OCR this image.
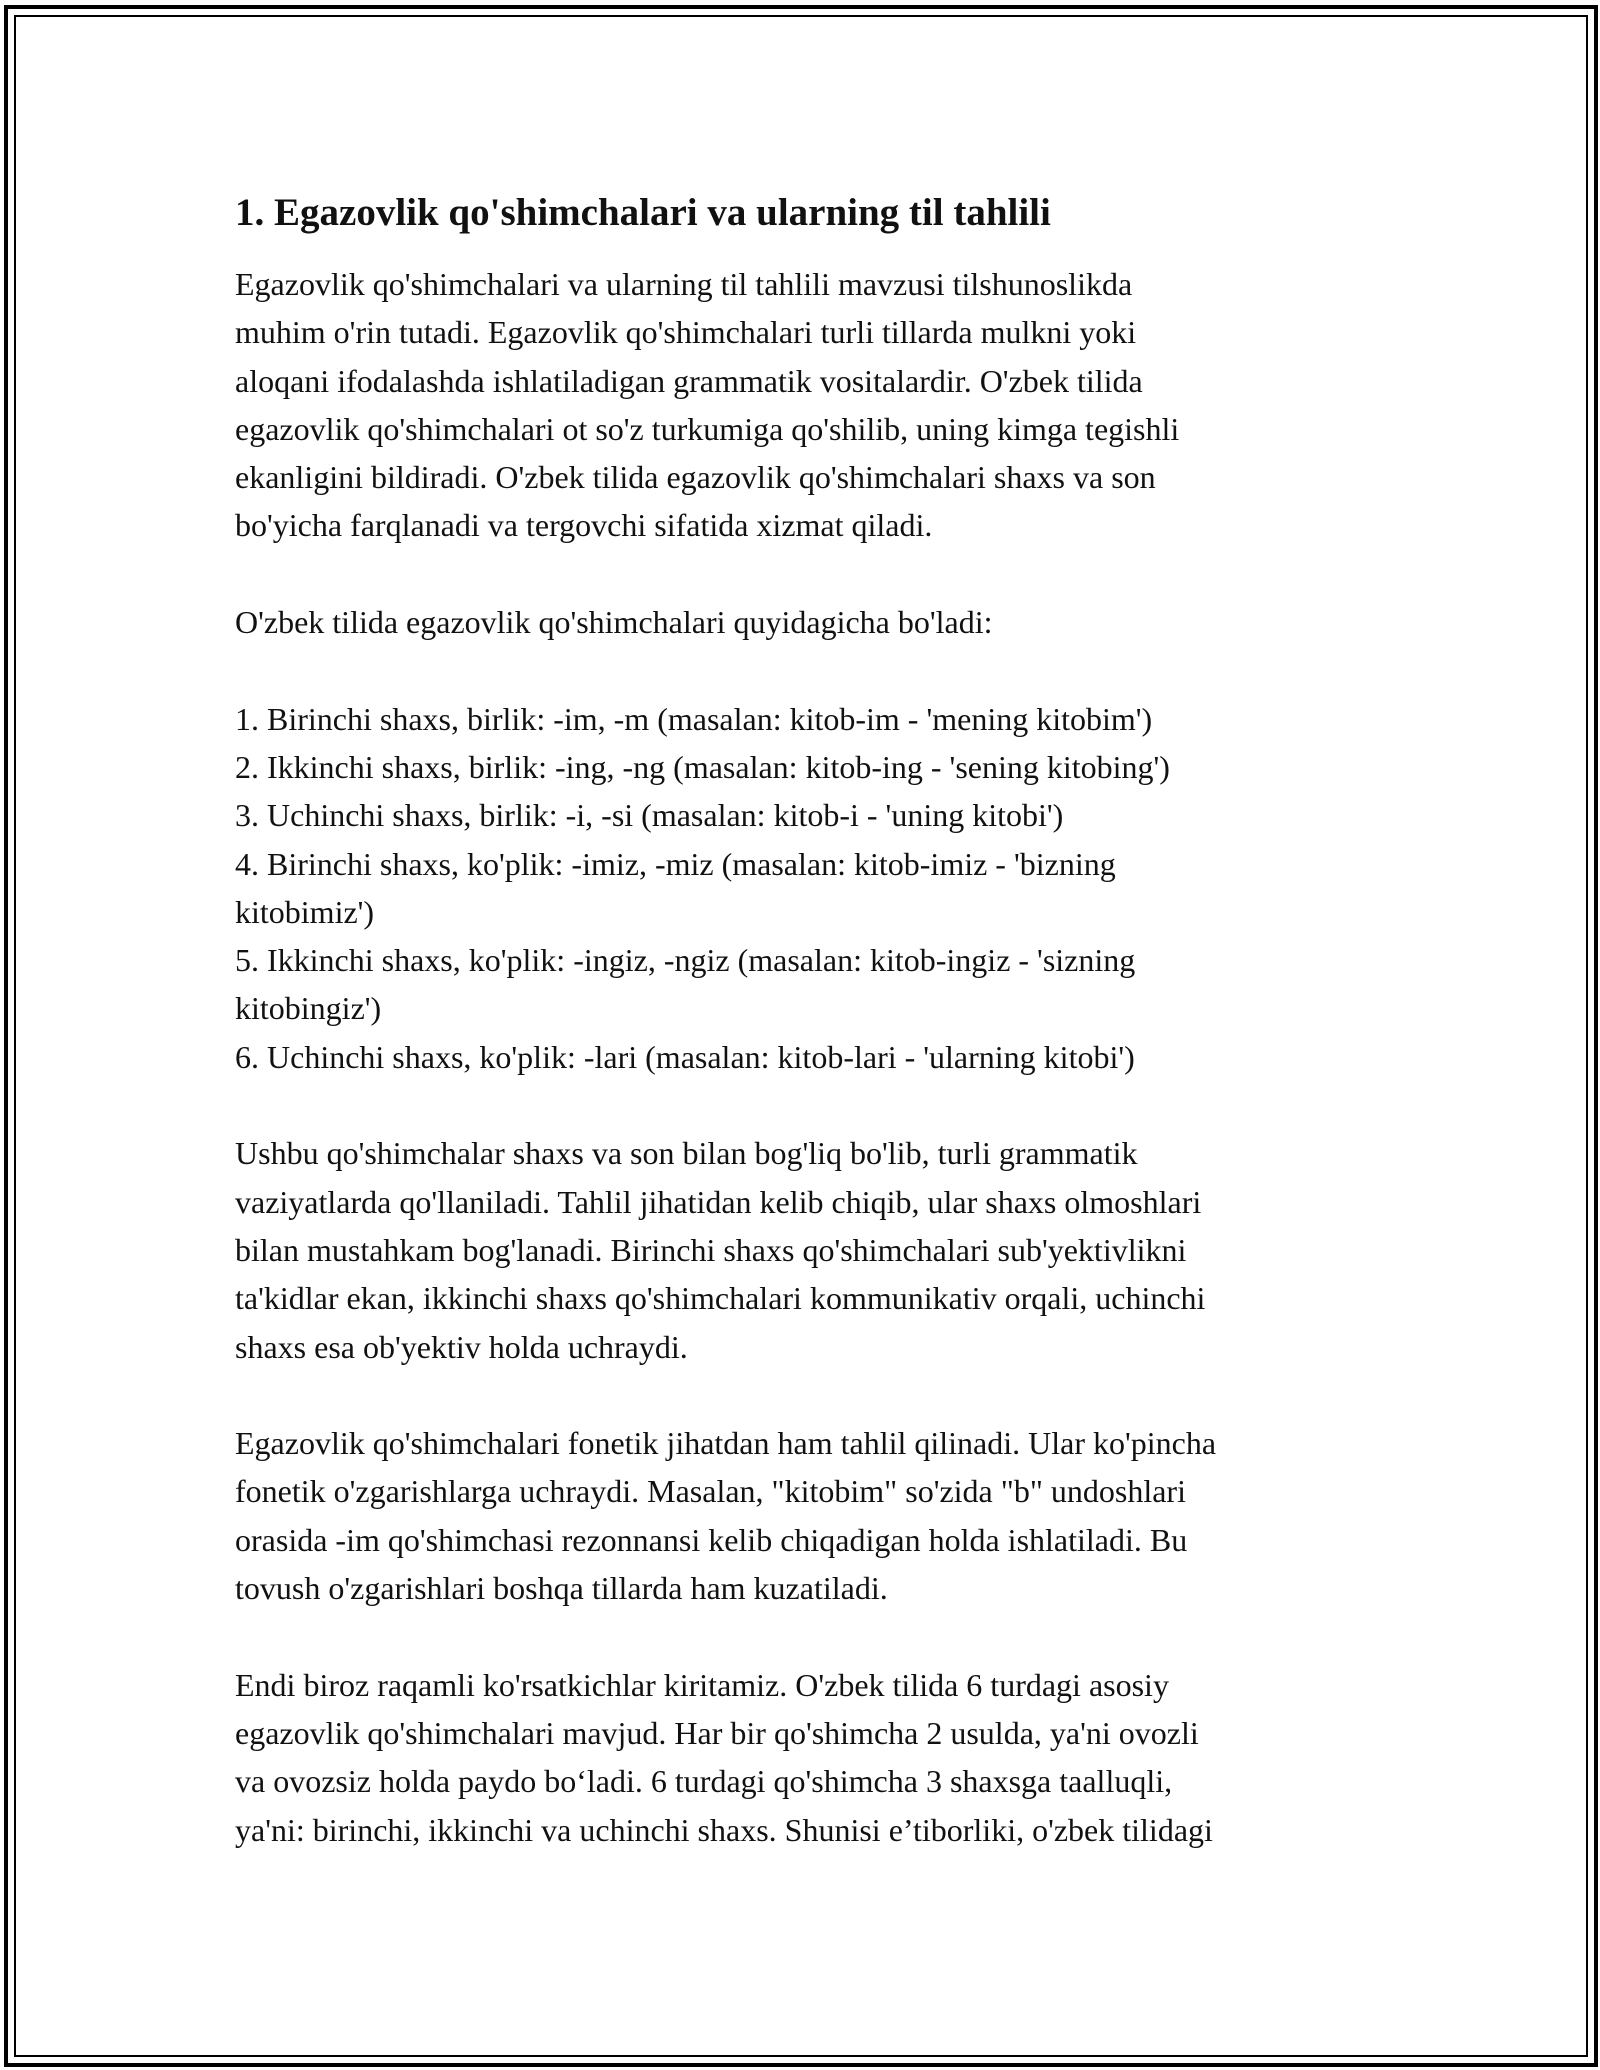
1. Egazovlik qo'shimchalari va ularning til tahlili

Egazovlik qo'shimchalari va ularning til tahlili mavzusi tilshunoslikda

muhim o'rin tutadi. Egazovlik qo'shimchalari turli tillarda mulkni yoki

aloqani ifodalashda ishlatiladigan grammatik vositalardir. O'zbek tilida

egazovlik qo'shimchalari ot so'z turkumiga qo'shilib, uning kimga tegishli

ekanligini bildiradi. O'zbek tilida egazovlik qo'shimchalari shaxs va son

bo'yicha farqlanadi va tergovchi sifatida xizmat qiladi.

O'zbek tilida egazovlik qo'shimchalari quyidagicha bo'ladi:

1. Birinchi shaxs, birlik: -im, -m (masalan: kitob-im - 'mening kitobim')

2. Ikkinchi shaxs, birlik: -ing, -ng (masalan: kitob-ing - 'sening kitobing')

3. Uchinchi shaxs, birlik: -i, -si (masalan: kitob-i - 'uning kitobi')

4. Birinchi shaxs, ko'plik: -imiz, -miz (masalan: kitob-imiz - 'bizning

kitobimiz')

5. Ikkinchi shaxs, ko'plik: -ingiz, -ngiz (masalan: kitob-ingiz - 'sizning

kitobingiz')

6. Uchinchi shaxs, ko'plik: -lari (masalan: kitob-lari - 'ularning kitobi')

Ushbu qo'shimchalar shaxs va son bilan bog'liq bo'lib, turli grammatik

vaziyatlarda qo'llaniladi. Tahlil jihatidan kelib chiqib, ular shaxs olmoshlari

bilan mustahkam bog'lanadi. Birinchi shaxs qo'shimchalari sub'yektivlikni

ta'kidlar ekan, ikkinchi shaxs qo'shimchalari kommunikativ orqali, uchinchi

shaxs esa ob'yektiv holda uchraydi.

Egazovlik qo'shimchalari fonetik jihatdan ham tahlil qilinadi. Ular ko'pincha

fonetik o'zgarishlarga uchraydi. Masalan, "kitobim" so'zida "b" undoshlari

orasida -im qo'shimchasi rezonnansi kelib chiqadigan holda ishlatiladi. Bu

tovush o'zgarishlari boshqa tillarda ham kuzatiladi.

Endi biroz raqamli ko'rsatkichlar kiritamiz. O'zbek tilida 6 turdagi asosiy

egazovlik qo'shimchalari mavjud. Har bir qo'shimcha 2 usulda, ya'ni ovozli

va ovozsiz holda paydo bo‘ladi. 6 turdagi qo'shimcha 3 shaxsga taalluqli,

ya'ni: birinchi, ikkinchi va uchinchi shaxs. Shunisi e’tiborliki, o'zbek tilidagi
